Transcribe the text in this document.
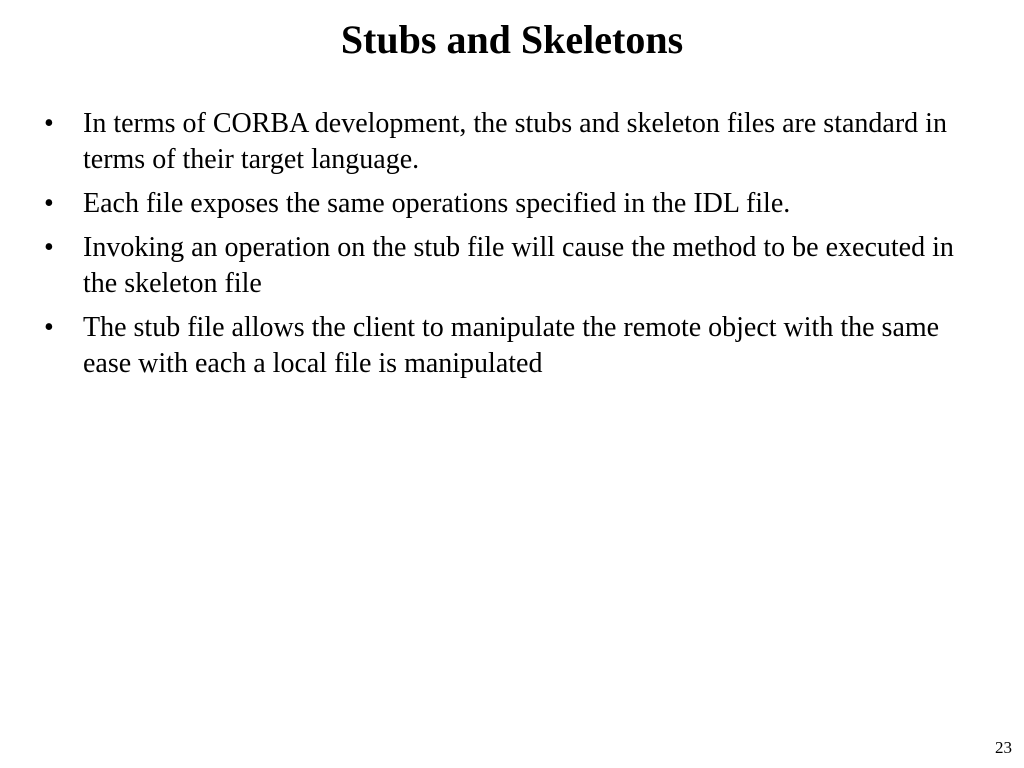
Stubs and Skeletons
•	In terms of CORBA development, the stubs and skeleton files are standard in terms of their target language.
•	Each file exposes the same operations specified in the IDL file.
•	Invoking an operation on the stub file will cause the method to be executed in the skeleton file
•	The stub file allows the client to manipulate the remote object with the same ease with each a local file is manipulated
23
